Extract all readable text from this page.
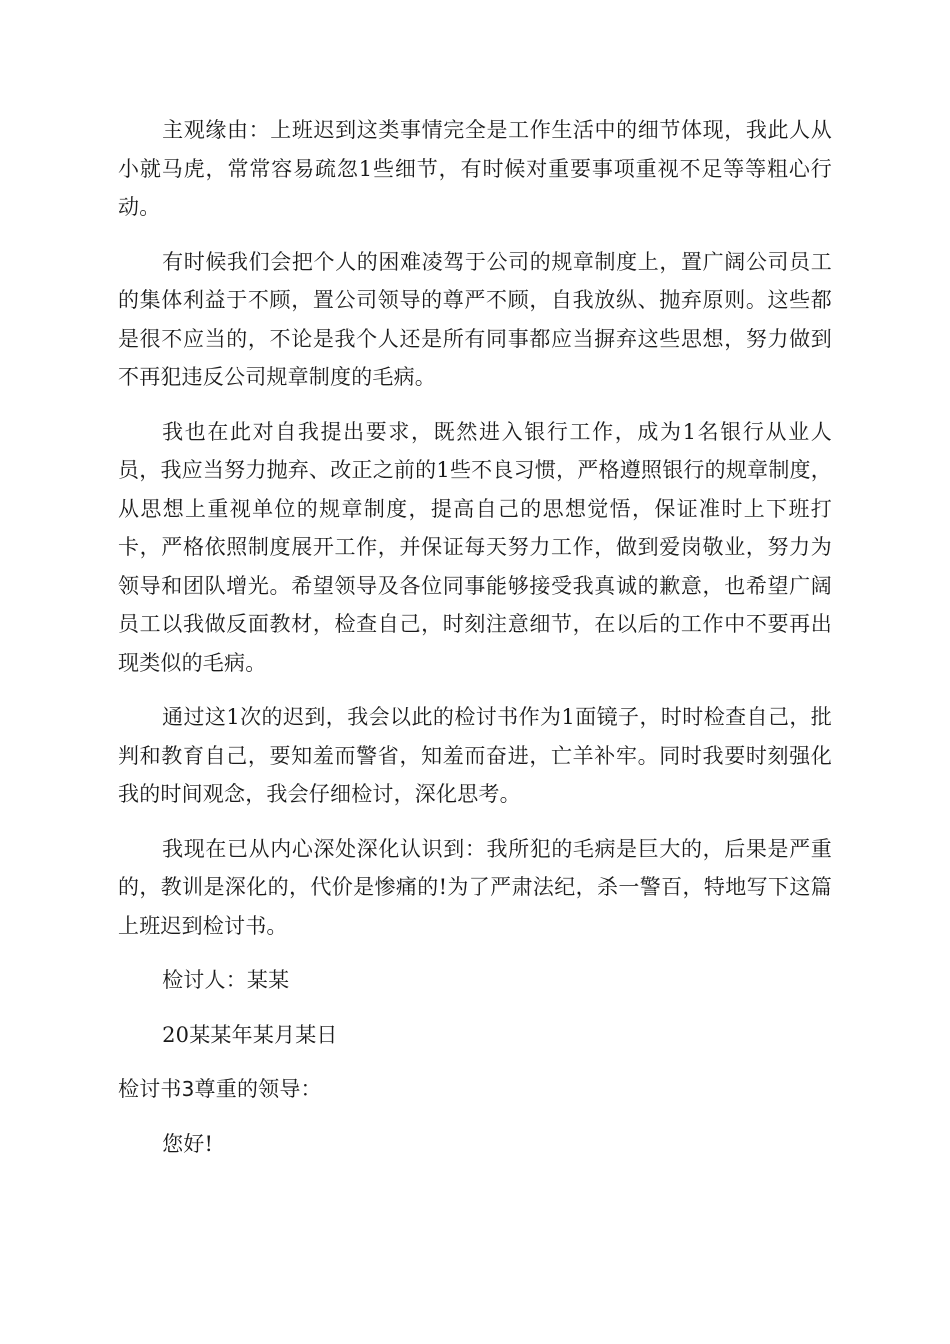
主观缘由：上班迟到这类事情完全是工作生活中的细节体现，我此人从小就马虎，常常容易疏忽1些细节，有时候对重要事项重视不足等等粗心行动。

有时候我们会把个人的困难凌驾于公司的规章制度上，置广阔公司员工的集体利益于不顾，置公司领导的尊严不顾，自我放纵、抛弃原则。这些都是很不应当的，不论是我个人还是所有同事都应当摒弃这些思想，努力做到不再犯违反公司规章制度的毛病。

我也在此对自我提出要求，既然进入银行工作，成为1名银行从业人员，我应当努力抛弃、改正之前的1些不良习惯，严格遵照银行的规章制度，从思想上重视单位的规章制度，提高自己的思想觉悟，保证准时上下班打卡，严格依照制度展开工作，并保证每天努力工作，做到爱岗敬业，努力为领导和团队增光。希望领导及各位同事能够接受我真诚的歉意，也希望广阔员工以我做反面教材，检查自己，时刻注意细节，在以后的工作中不要再出现类似的毛病。

通过这1次的迟到，我会以此的检讨书作为1面镜子，时时检查自己，批判和教育自己，要知羞而警省，知羞而奋进，亡羊补牢。同时我要时刻强化我的时间观念，我会仔细检讨，深化思考。

我现在已从内心深处深化认识到：我所犯的毛病是巨大的，后果是严重的，教训是深化的，代价是惨痛的!为了严肃法纪，杀一警百，特地写下这篇上班迟到检讨书。

检讨人：某某

20某某年某月某日

检讨书3尊重的领导：

您好!
